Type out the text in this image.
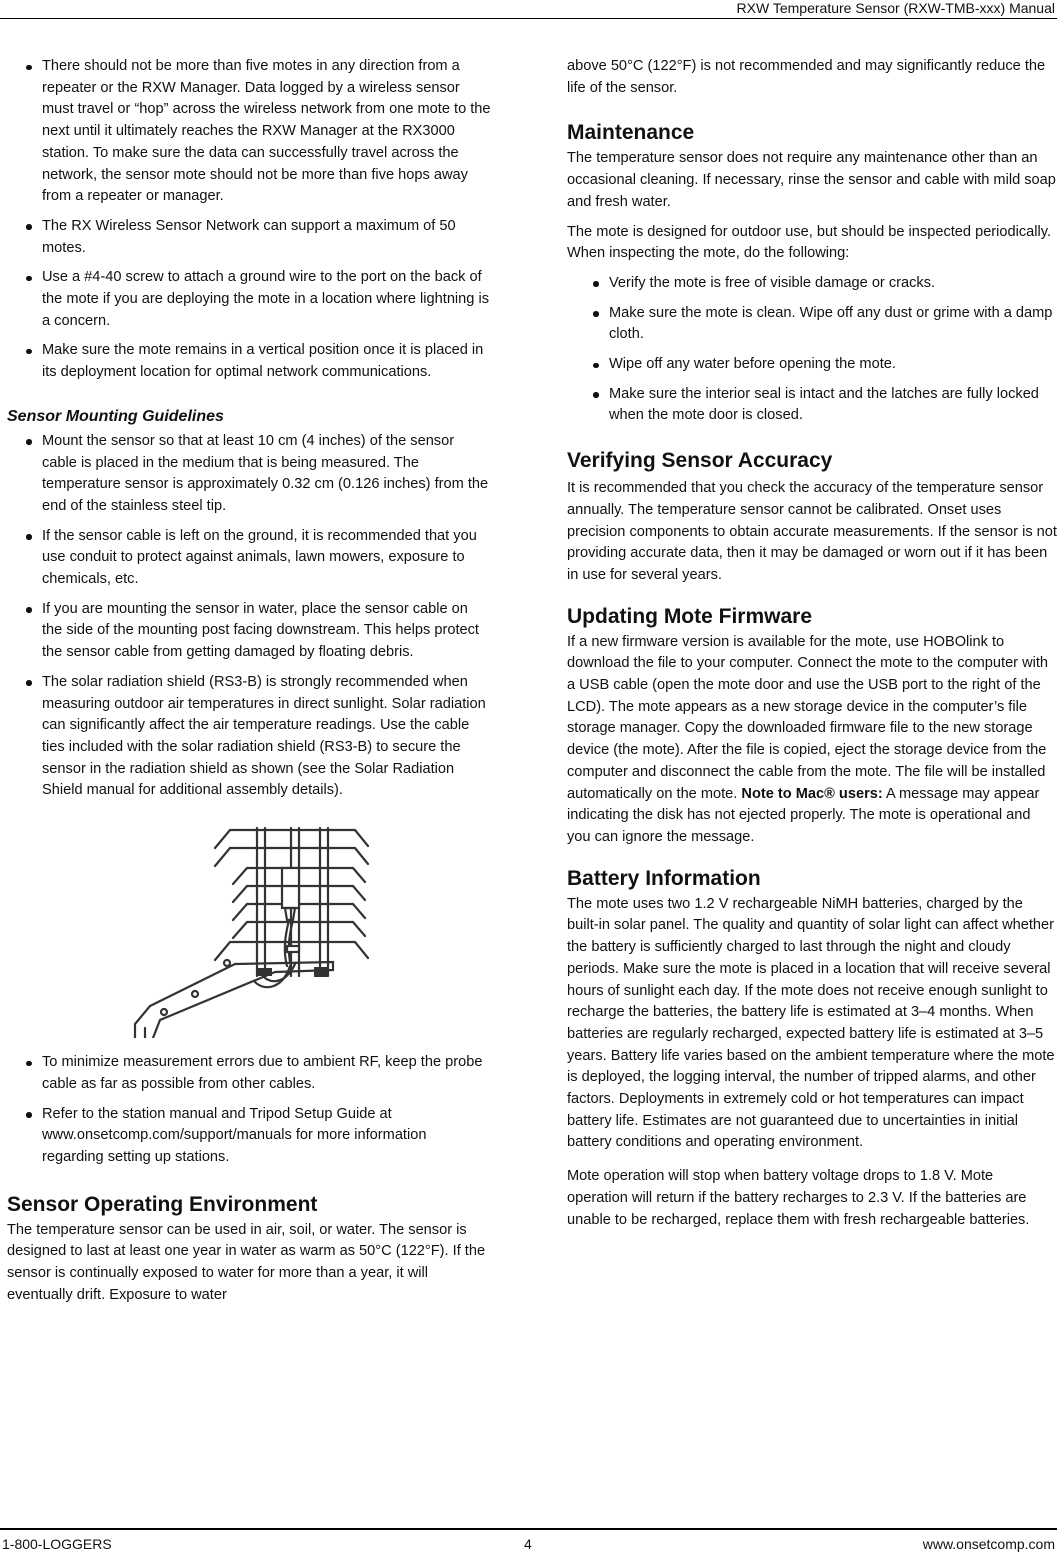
RXW Temperature Sensor (RXW-TMB-xxx) Manual
There should not be more than five motes in any direction from a repeater or the RXW Manager. Data logged by a wireless sensor must travel or “hop” across the wireless network from one mote to the next until it ultimately reaches the RXW Manager at the RX3000 station. To make sure the data can successfully travel across the network, the sensor mote should not be more than five hops away from a repeater or manager.
The RX Wireless Sensor Network can support a maximum of 50 motes.
Use a #4-40 screw to attach a ground wire to the port on the back of the mote if you are deploying the mote in a location where lightning is a concern.
Make sure the mote remains in a vertical position once it is placed in its deployment location for optimal network communications.
Sensor Mounting Guidelines
Mount the sensor so that at least 10 cm (4 inches) of the sensor cable is placed in the medium that is being measured. The temperature sensor is approximately 0.32 cm (0.126 inches) from the end of the stainless steel tip.
If the sensor cable is left on the ground, it is recommended that you use conduit to protect against animals, lawn mowers, exposure to chemicals, etc.
If you are mounting the sensor in water, place the sensor cable on the side of the mounting post facing downstream. This helps protect the sensor cable from getting damaged by floating debris.
The solar radiation shield (RS3-B) is strongly recommended when measuring outdoor air temperatures in direct sunlight. Solar radiation can significantly affect the air temperature readings. Use the cable ties included with the solar radiation shield (RS3-B) to secure the sensor in the radiation shield as shown (see the Solar Radiation Shield manual for additional assembly details).
To minimize measurement errors due to ambient RF, keep the probe cable as far as possible from other cables.
Refer to the station manual and Tripod Setup Guide at www.onsetcomp.com/support/manuals for more information regarding setting up stations.
Sensor Operating Environment

The temperature sensor can be used in air, soil, or water. The sensor is designed to last at least one year in water as warm as 50°C (122°F). If the sensor is continually exposed to water for more than a year, it will eventually drift. Exposure to water

above 50°C (122°F) is not recommended and may significantly reduce the life of the sensor.

Maintenance

The temperature sensor does not require any maintenance other than an occasional cleaning. If necessary, rinse the sensor and cable with mild soap and fresh water.

The mote is designed for outdoor use, but should be inspected periodically. When inspecting the mote, do the following:

Verify the mote is free of visible damage or cracks.
Make sure the mote is clean. Wipe off any dust or grime with a damp cloth.
Wipe off any water before opening the mote.
Make sure the interior seal is intact and the latches are fully locked when the mote door is closed.
Verifying Sensor Accuracy

It is recommended that you check the accuracy of the temperature sensor annually. The temperature sensor cannot be calibrated. Onset uses precision components to obtain accurate measurements. If the sensor is not providing accurate data, then it may be damaged or worn out if it has been in use for several years.

Updating Mote Firmware

If a new firmware version is available for the mote, use HOBOlink to download the file to your computer. Connect the mote to the computer with a USB cable (open the mote door and use the USB port to the right of the LCD). The mote appears as a new storage device in the computer’s file storage manager. Copy the downloaded firmware file to the new storage device (the mote). After the file is copied, eject the storage device from the computer and disconnect the cable from the mote. The file will be installed automatically on the mote. Note to Mac® users: A message may appear indicating the disk has not ejected properly. The mote is operational and you can ignore the message.

Battery Information

The mote uses two 1.2 V rechargeable NiMH batteries, charged by the built-in solar panel. The quality and quantity of solar light can affect whether the battery is sufficiently charged to last through the night and cloudy periods. Make sure the mote is placed in a location that will receive several hours of sunlight each day. If the mote does not receive enough sunlight to recharge the batteries, the battery life is estimated at 3–4 months. When batteries are regularly recharged, expected battery life is estimated at 3–5 years. Battery life varies based on the ambient temperature where the mote is deployed, the logging interval, the number of tripped alarms, and other factors. Deployments in extremely cold or hot temperatures can impact battery life. Estimates are not guaranteed due to uncertainties in initial battery conditions and operating environment.

Mote operation will stop when battery voltage drops to 1.8 V. Mote operation will return if the battery recharges to 2.3 V. If the batteries are unable to be recharged, replace them with fresh rechargeable batteries.

1-800-LOGGERS	4	www.onsetcomp.com
